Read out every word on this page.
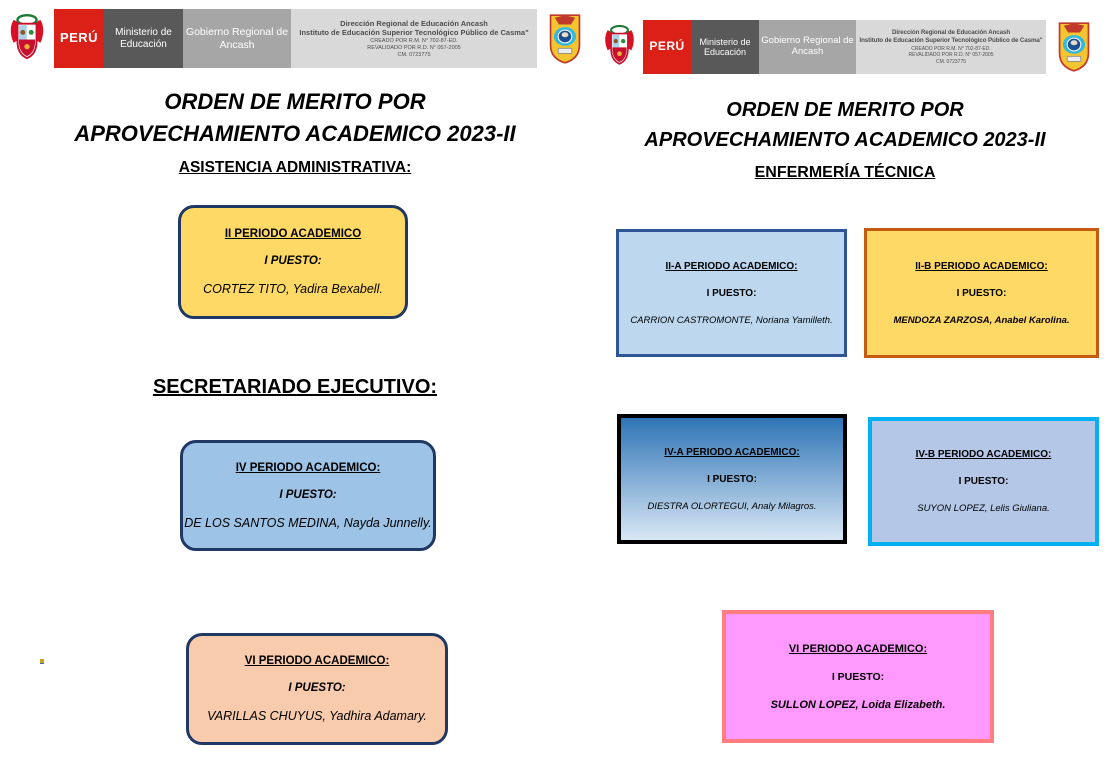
PERÚ	Ministerio de Educación
Gobierno Regional de Ancash
Dirección Regional de Educación Ancash
Instituto de Educación Superior Tecnológico Público de Casma"
CREADO POR R.M. N° 702-87-ED.
REVALIDADO POR R.D. N° 057-2005
CM. 0723775
ORDEN DE MERITO POR
APROVECHAMIENTO ACADEMICO 2023-II
ASISTENCIA ADMINISTRATIVA:
II PERIODO ACADEMICO
I PUESTO:
CORTEZ TITO, Yadira Bexabell.
SECRETARIADO EJECUTIVO:
IV PERIODO ACADEMICO:
I PUESTO:
DE LOS SANTOS MEDINA, Nayda Junnelly.
VI PERIODO ACADEMICO:
I PUESTO:
VARILLAS CHUYUS, Yadhira Adamary.
PERÚ	Ministerio de Educación
Gobierno Regional de Ancash
Dirección Regional de Educación Ancash
Instituto de Educación Superior Tecnológico Público de Casma"
CREADO POR R.M. N° 702-87-ED.
REVALIDADO POR R.D. N° 057-2005
CM. 0723775
ORDEN DE MERITO POR
APROVECHAMIENTO ACADEMICO 2023-II
ENFERMERÍA TÉCNICA
II-A PERIODO ACADEMICO:
I PUESTO:
CARRION CASTROMONTE, Noriana Yamilleth.
II-B PERIODO ACADEMICO:
I PUESTO:
MENDOZA ZARZOSA, Anabel Karolina.
IV-A PERIODO ACADEMICO:
I PUESTO:
DIESTRA OLORTEGUI, Analy Milagros.
IV-B PERIODO ACADEMICO:
I PUESTO:
SUYON LOPEZ, Lelis Giuliana.
VI PERIODO ACADEMICO:
I PUESTO:
SULLON LOPEZ, Loida Elizabeth.
